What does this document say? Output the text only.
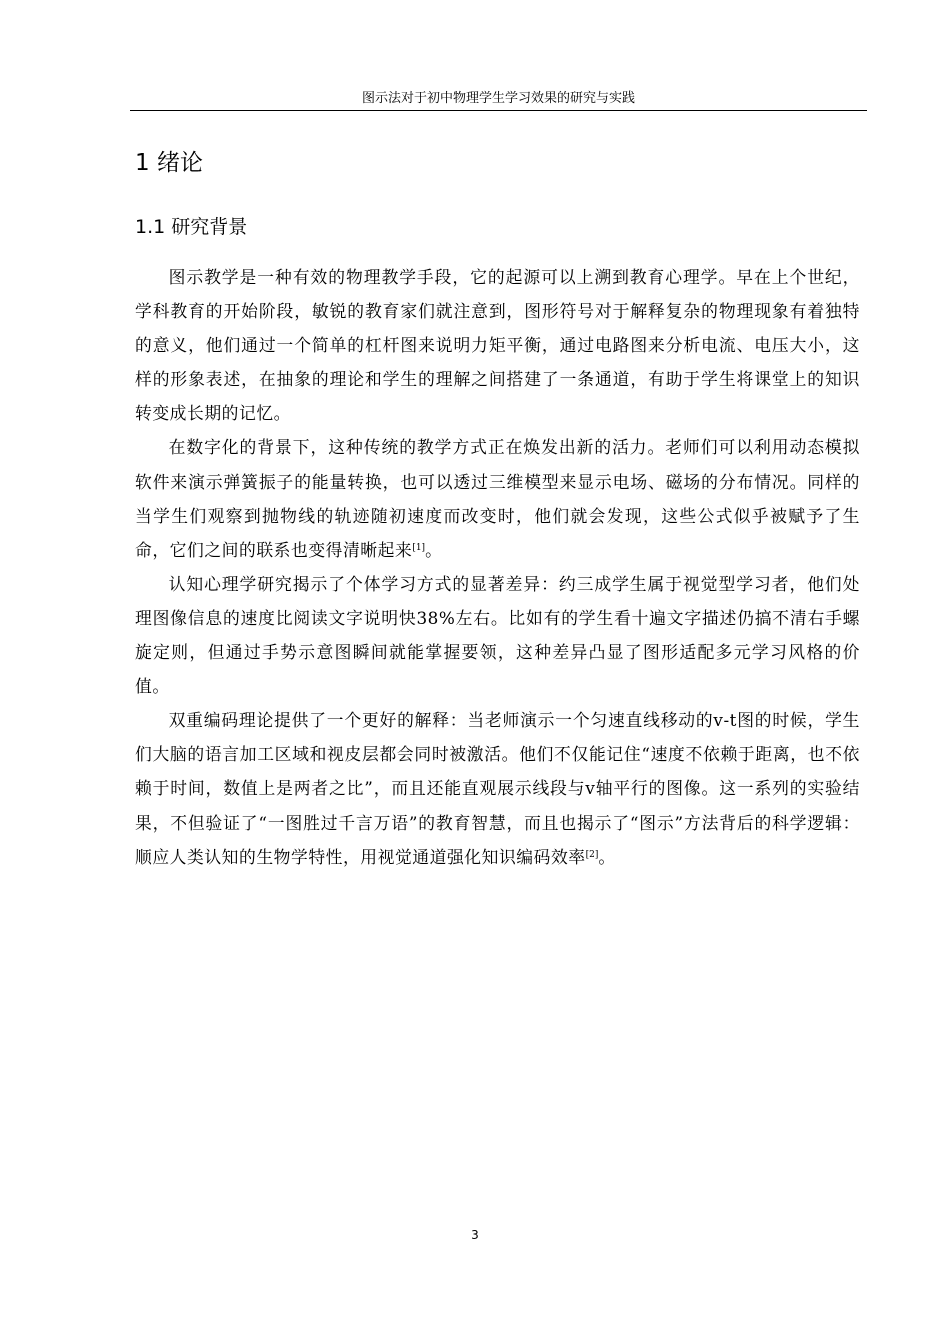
图示法对于初中物理学生学习效果的研究与实践
1 绪论
1.1 研究背景

图示教学是一种有效的物理教学手段，它的起源可以上溯到教育心理学。早在上个世纪，学科教育的开始阶段，敏锐的教育家们就注意到，图形符号对于解释复杂的物理现象有着独特的意义，他们通过一个简单的杠杆图来说明力矩平衡，通过电路图来分析电流、电压大小，这样的形象表述，在抽象的理论和学生的理解之间搭建了一条通道，有助于学生将课堂上的知识转变成长期的记忆。

在数字化的背景下，这种传统的教学方式正在焕发出新的活力。老师们可以利用动态模拟软件来演示弹簧振子的能量转换，也可以透过三维模型来显示电场、磁场的分布情况。同样的当学生们观察到抛物线的轨迹随初速度而改变时，他们就会发现，这些公式似乎被赋予了生命，它们之间的联系也变得清晰起来[1]。

认知心理学研究揭示了个体学习方式的显著差异：约三成学生属于视觉型学习者，他们处理图像信息的速度比阅读文字说明快38%左右。比如有的学生看十遍文字描述仍搞不清右手螺旋定则，但通过手势示意图瞬间就能掌握要领，这种差异凸显了图形适配多元学习风格的价值。

双重编码理论提供了一个更好的解释：当老师演示一个匀速直线移动的v-t图的时候，学生们大脑的语言加工区域和视皮层都会同时被激活。他们不仅能记住“速度不依赖于距离，也不依赖于时间，数值上是两者之比”，而且还能直观展示线段与v轴平行的图像。这一系列的实验结果，不但验证了“一图胜过千言万语”的教育智慧，而且也揭示了“图示”方法背后的科学逻辑：顺应人类认知的生物学特性，用视觉通道强化知识编码效率[2]。

3
